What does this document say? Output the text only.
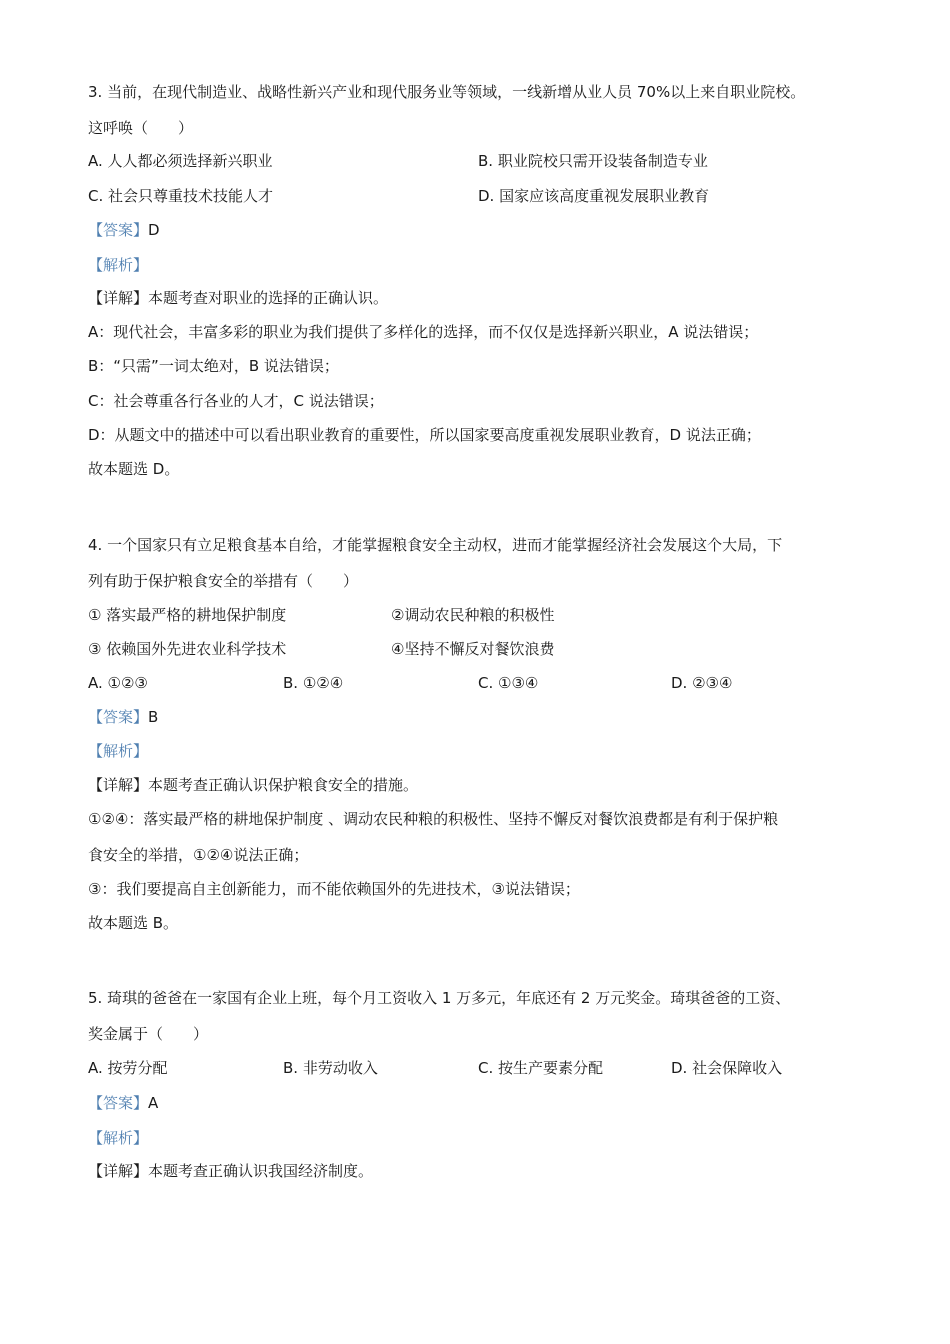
3. 当前，在现代制造业、战略性新兴产业和现代服务业等领域，一线新增从业人员 70%以上来自职业院校。
这呼唤（　　）
A. 人人都必须选择新兴职业	B. 职业院校只需开设装备制造专业
C. 社会只尊重技术技能人才	D. 国家应该高度重视发展职业教育
【答案】D
【解析】
【详解】本题考查对职业的选择的正确认识。
A：现代社会，丰富多彩的职业为我们提供了多样化的选择，而不仅仅是选择新兴职业，A 说法错误；
B：“只需”一词太绝对，B 说法错误；
C：社会尊重各行各业的人才，C 说法错误；
D：从题文中的描述中可以看出职业教育的重要性，所以国家要高度重视发展职业教育，D 说法正确；
故本题选 D。
4. 一个国家只有立足粮食基本自给，才能掌握粮食安全主动权，进而才能掌握经济社会发展这个大局，下
列有助于保护粮食安全的举措有（　　）
① 落实最严格的耕地保护制度	②调动农民种粮的积极性
③ 依赖国外先进农业科学技术	④坚持不懈反对餐饮浪费
A. ①②③	B. ①②④	C. ①③④	D. ②③④
【答案】B
【解析】
【详解】本题考查正确认识保护粮食安全的措施。
①②④：落实最严格的耕地保护制度 、调动农民种粮的积极性、坚持不懈反对餐饮浪费都是有利于保护粮
食安全的举措，①②④说法正确；
③：我们要提高自主创新能力，而不能依赖国外的先进技术，③说法错误；
故本题选 B。
5. 琦琪的爸爸在一家国有企业上班，每个月工资收入 1 万多元，年底还有 2 万元奖金。琦琪爸爸的工资、
奖金属于（　　）
A. 按劳分配	B. 非劳动收入	C. 按生产要素分配	D. 社会保障收入
【答案】A
【解析】
【详解】本题考查正确认识我国经济制度。
